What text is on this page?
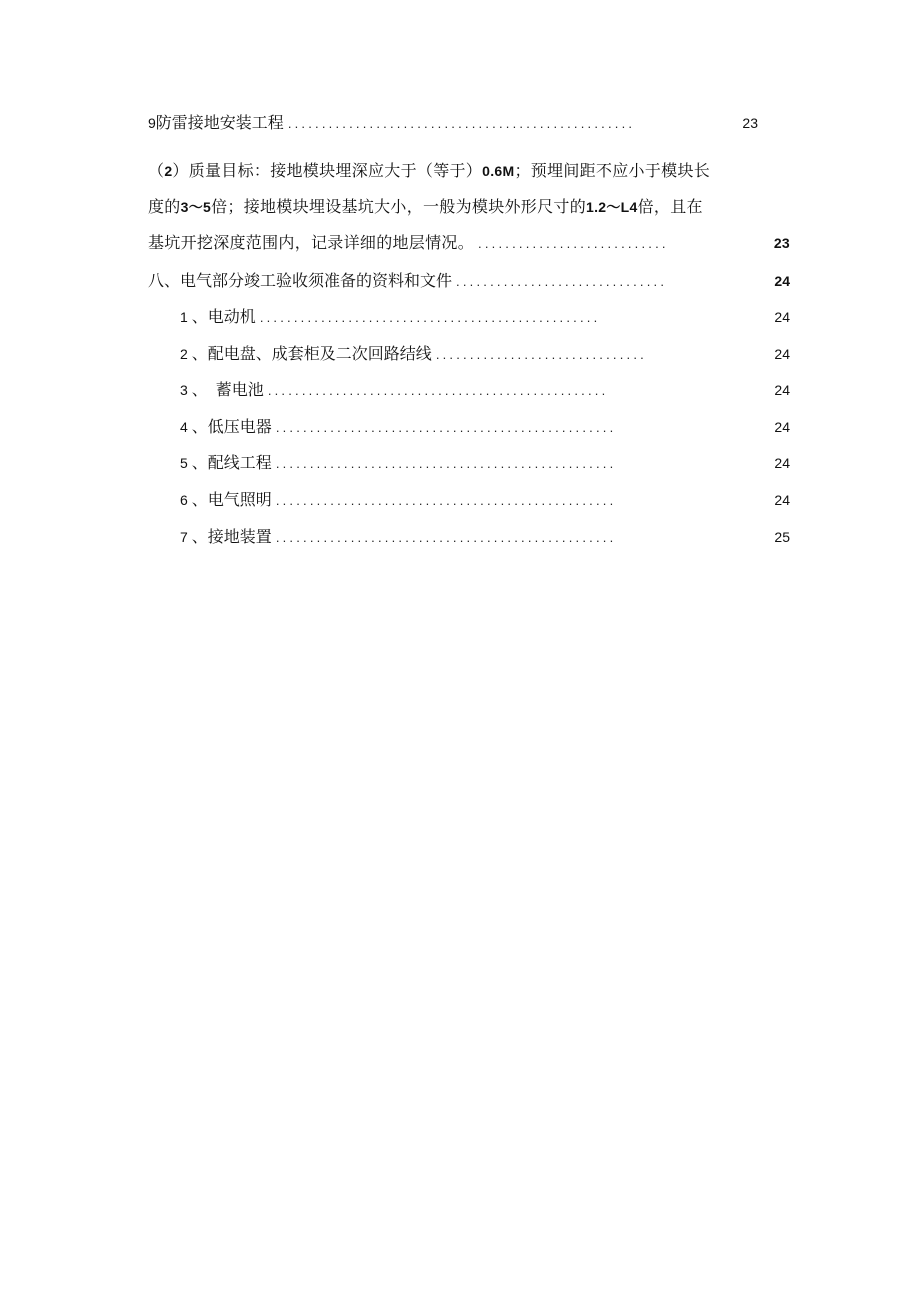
9 防雷接地安装工程 ...................................................	23
（ 2 ）质量目标：接地模块埋深应大于（等于） 0.6M ；预埋间距不应小于模块长
度的 3～5 倍；接地模块埋设基坑大小，一般为模块外形尺寸的 1.2～L4 倍，且在
基坑开挖深度范围内，记录详细的地层情况。 ............................	23
八、电气部分竣工验收须准备的资料和文件 ...............................	24
1 、电动机 ..................................................	24
2 、配电盘、成套柜及二次回路结线 ...............................	24
3 、　蓄电池 ..................................................	24
4 、低压电器 ..................................................	24
5 、配线工程 ..................................................	24
6 、电气照明 ..................................................	24
7 、接地装置 ..................................................	25
